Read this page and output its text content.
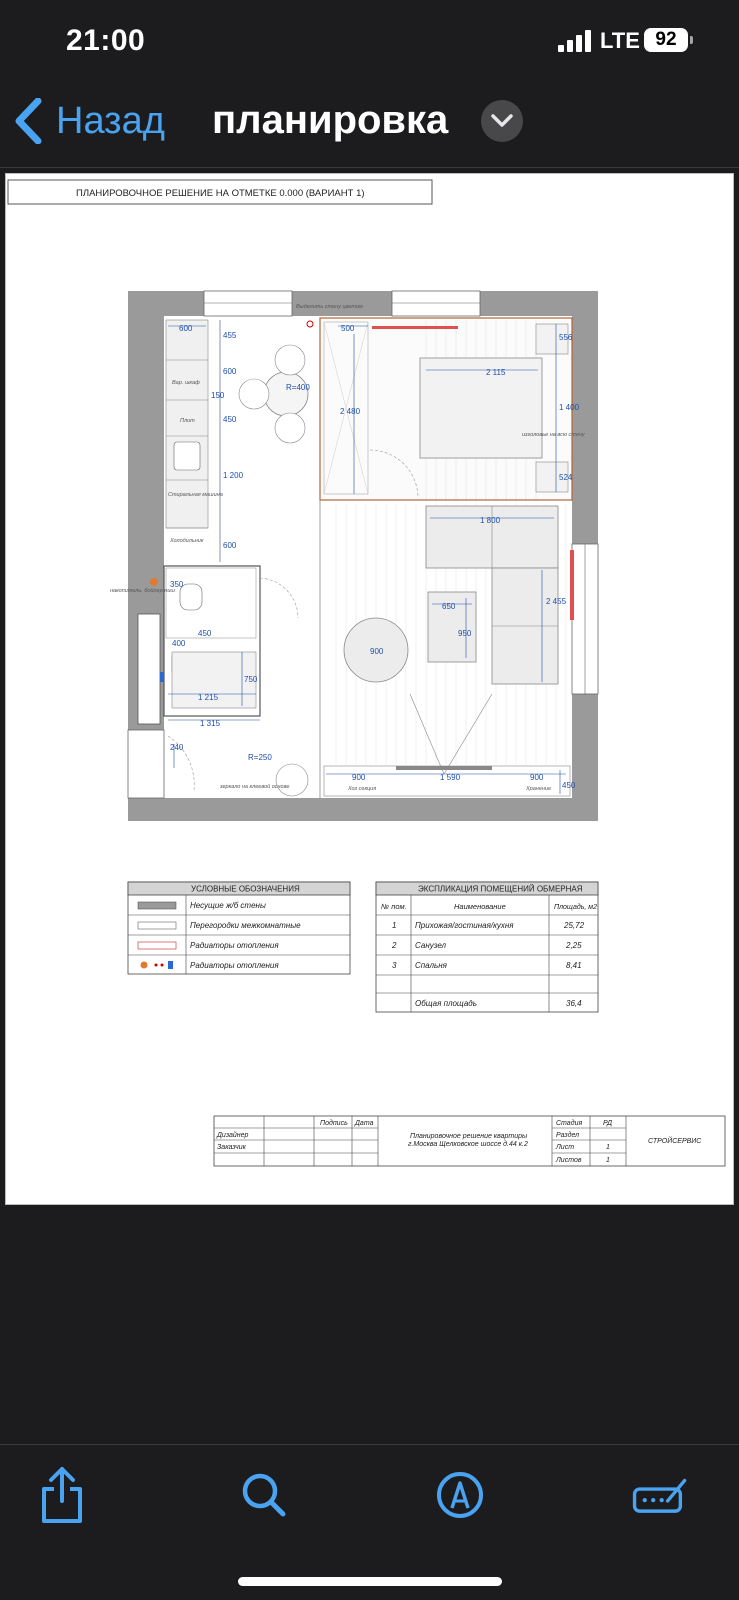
21:00	LTE 92
Назад планировка
ПЛАНИРОВОЧНОЕ РЕШЕНИЕ НА ОТМЕТКЕ 0.000 (ВАРИАНТ 1)
600	500
455
600
150
450
1 200
600
2 480
2 115
556
1 400
524
1 800
2 455
650
950
900
350
450
400
750
1 215
1 315
240
900	1 590	900
450
R=400
R=250
Выделить стену цветом
Вар. шкаф
Плит
Стиральная машина
Холодильник
накопитель. бойлер ниш
изголовье на всю стену
зеркало на клеевой основе	Хоз секция	Хранение
УСЛОВНЫЕ ОБОЗНАЧЕНИЯ
Несущие ж/б стены
Перегородки межкомнатные
Радиаторы отопления
Радиаторы отопления
ЭКСПЛИКАЦИЯ ПОМЕЩЕНИЙ ОБМЕРНАЯ
№ пом.	Наименование	Площадь, м2
1 Прихожая/гостиная/кухня	25,72
2 Санузел	2,25
3 Спальня	8,41
Общая площадь	36,4
Подпись Дата
Дизайнер
Заказчик
Планировочное решение квартиры
г.Москва Щелковское шоссе д.44 к.2
Стадия	РД
Раздел
Лист	1
Листов	1
СТРОЙСЕРВИС
